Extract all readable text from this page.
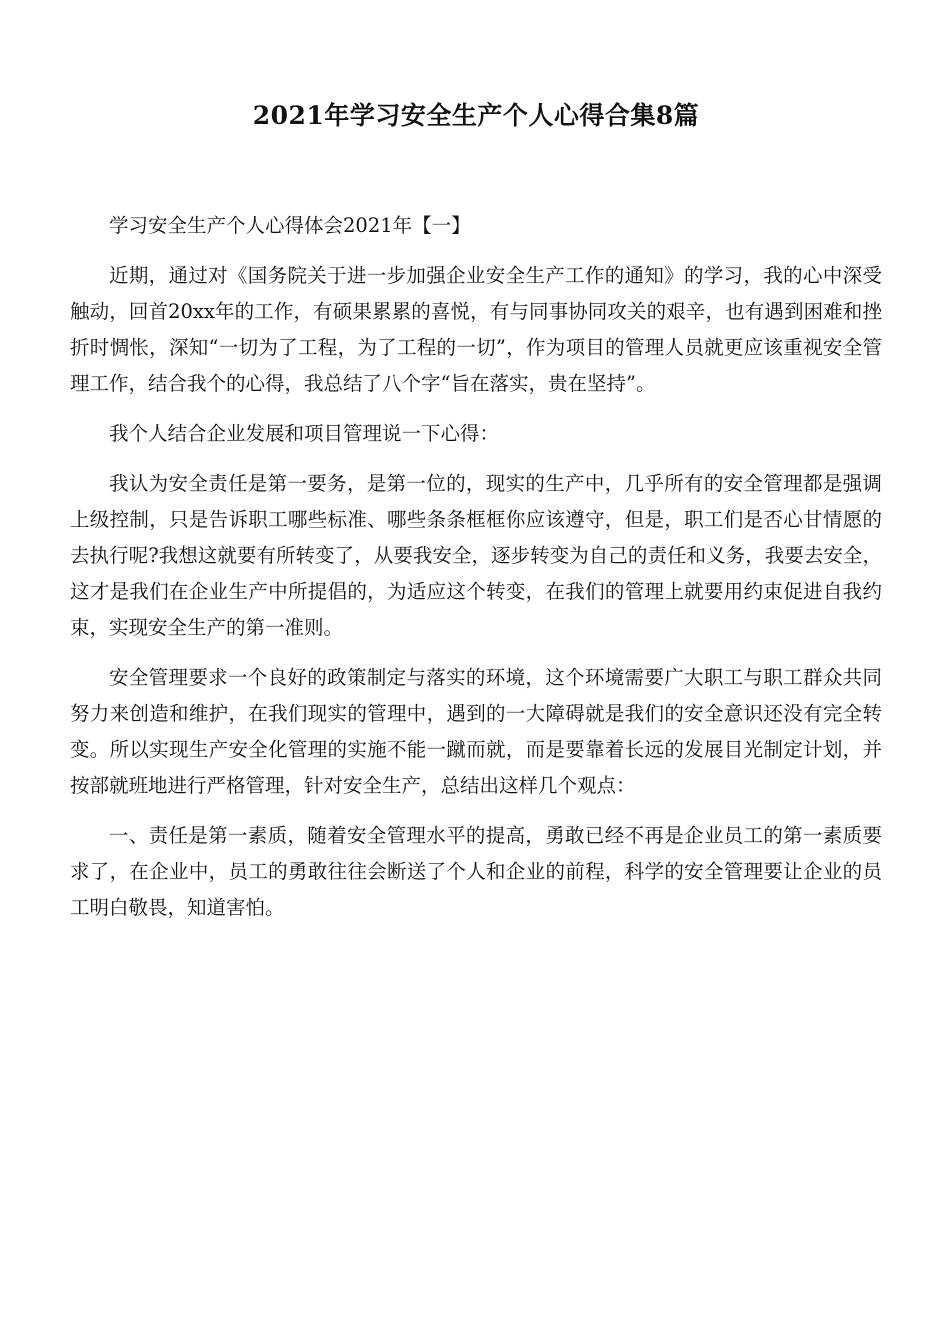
2021年学习安全生产个人心得合集8篇

学习安全生产个人心得体会2021年【一】

近期，通过对《国务院关于进一步加强企业安全生产工作的通知》的学习，我的心中深受触动，回首20xx年的工作，有硕果累累的喜悦，有与同事协同攻关的艰辛，也有遇到困难和挫折时惆怅，深知“一切为了工程，为了工程的一切”，作为项目的管理人员就更应该重视安全管理工作，结合我个的心得，我总结了八个字“旨在落实，贵在坚持”。

我个人结合企业发展和项目管理说一下心得：

我认为安全责任是第一要务，是第一位的，现实的生产中，几乎所有的安全管理都是强调上级控制，只是告诉职工哪些标准、哪些条条框框你应该遵守，但是，职工们是否心甘情愿的去执行呢?我想这就要有所转变了，从要我安全，逐步转变为自己的责任和义务，我要去安全，这才是我们在企业生产中所提倡的，为适应这个转变，在我们的管理上就要用约束促进自我约束，实现安全生产的第一准则。

安全管理要求一个良好的政策制定与落实的环境，这个环境需要广大职工与职工群众共同努力来创造和维护，在我们现实的管理中，遇到的一大障碍就是我们的安全意识还没有完全转变。所以实现生产安全化管理的实施不能一蹴而就，而是要靠着长远的发展目光制定计划，并按部就班地进行严格管理，针对安全生产，总结出这样几个观点：

一、责任是第一素质，随着安全管理水平的提高，勇敢已经不再是企业员工的第一素质要求了，在企业中，员工的勇敢往往会断送了个人和企业的前程，科学的安全管理要让企业的员工明白敬畏，知道害怕。
